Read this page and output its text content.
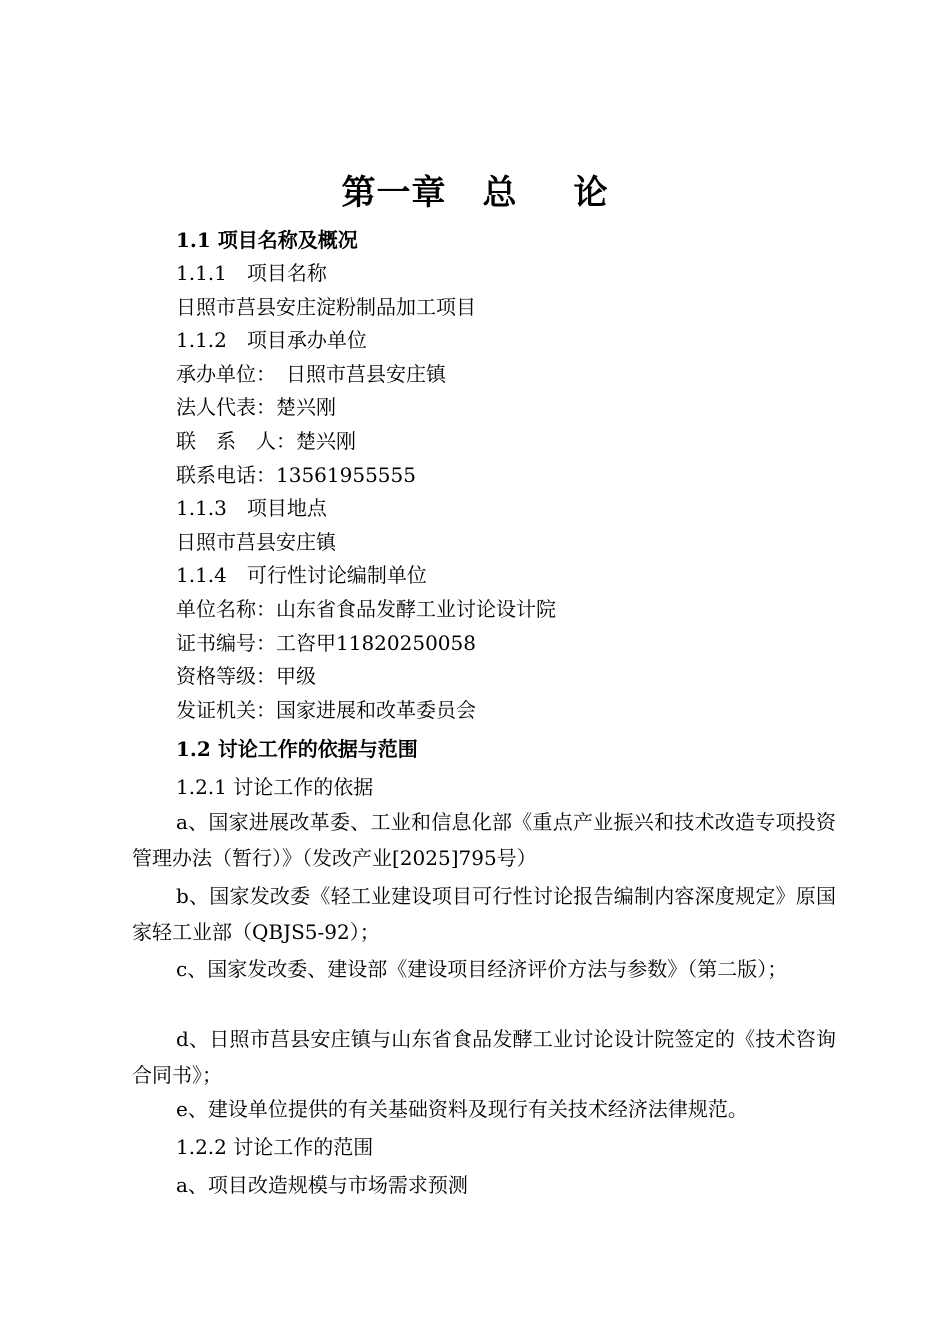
第一章 总 论
1.1 项目名称及概况
1.1.1　项目名称
日照市莒县安庄淀粉制品加工项目
1.1.2　项目承办单位
承办单位：　日照市莒县安庄镇
法人代表：楚兴刚
联　系　人：楚兴刚
联系电话：13561955555
1.1.3　项目地点
日照市莒县安庄镇
1.1.4　可行性讨论编制单位
单位名称：山东省食品发酵工业讨论设计院
证书编号：工咨甲11820250058
资格等级：甲级
发证机关：国家进展和改革委员会
1.2 讨论工作的依据与范围
1.2.1 讨论工作的依据

a、国家进展改革委、工业和信息化部《重点产业振兴和技术改造专项投资管理办法（暂行）》（发改产业[2025]795号）

b、国家发改委《轻工业建设项目可行性讨论报告编制内容深度规定》原国家轻工业部（QBJS5-92）；

c、国家发改委、建设部《建设项目经济评价方法与参数》（第二版）；

d、日照市莒县安庄镇与山东省食品发酵工业讨论设计院签定的《技术咨询合同书》；

e、建设单位提供的有关基础资料及现行有关技术经济法律规范。

1.2.2 讨论工作的范围
a、项目改造规模与市场需求预测
